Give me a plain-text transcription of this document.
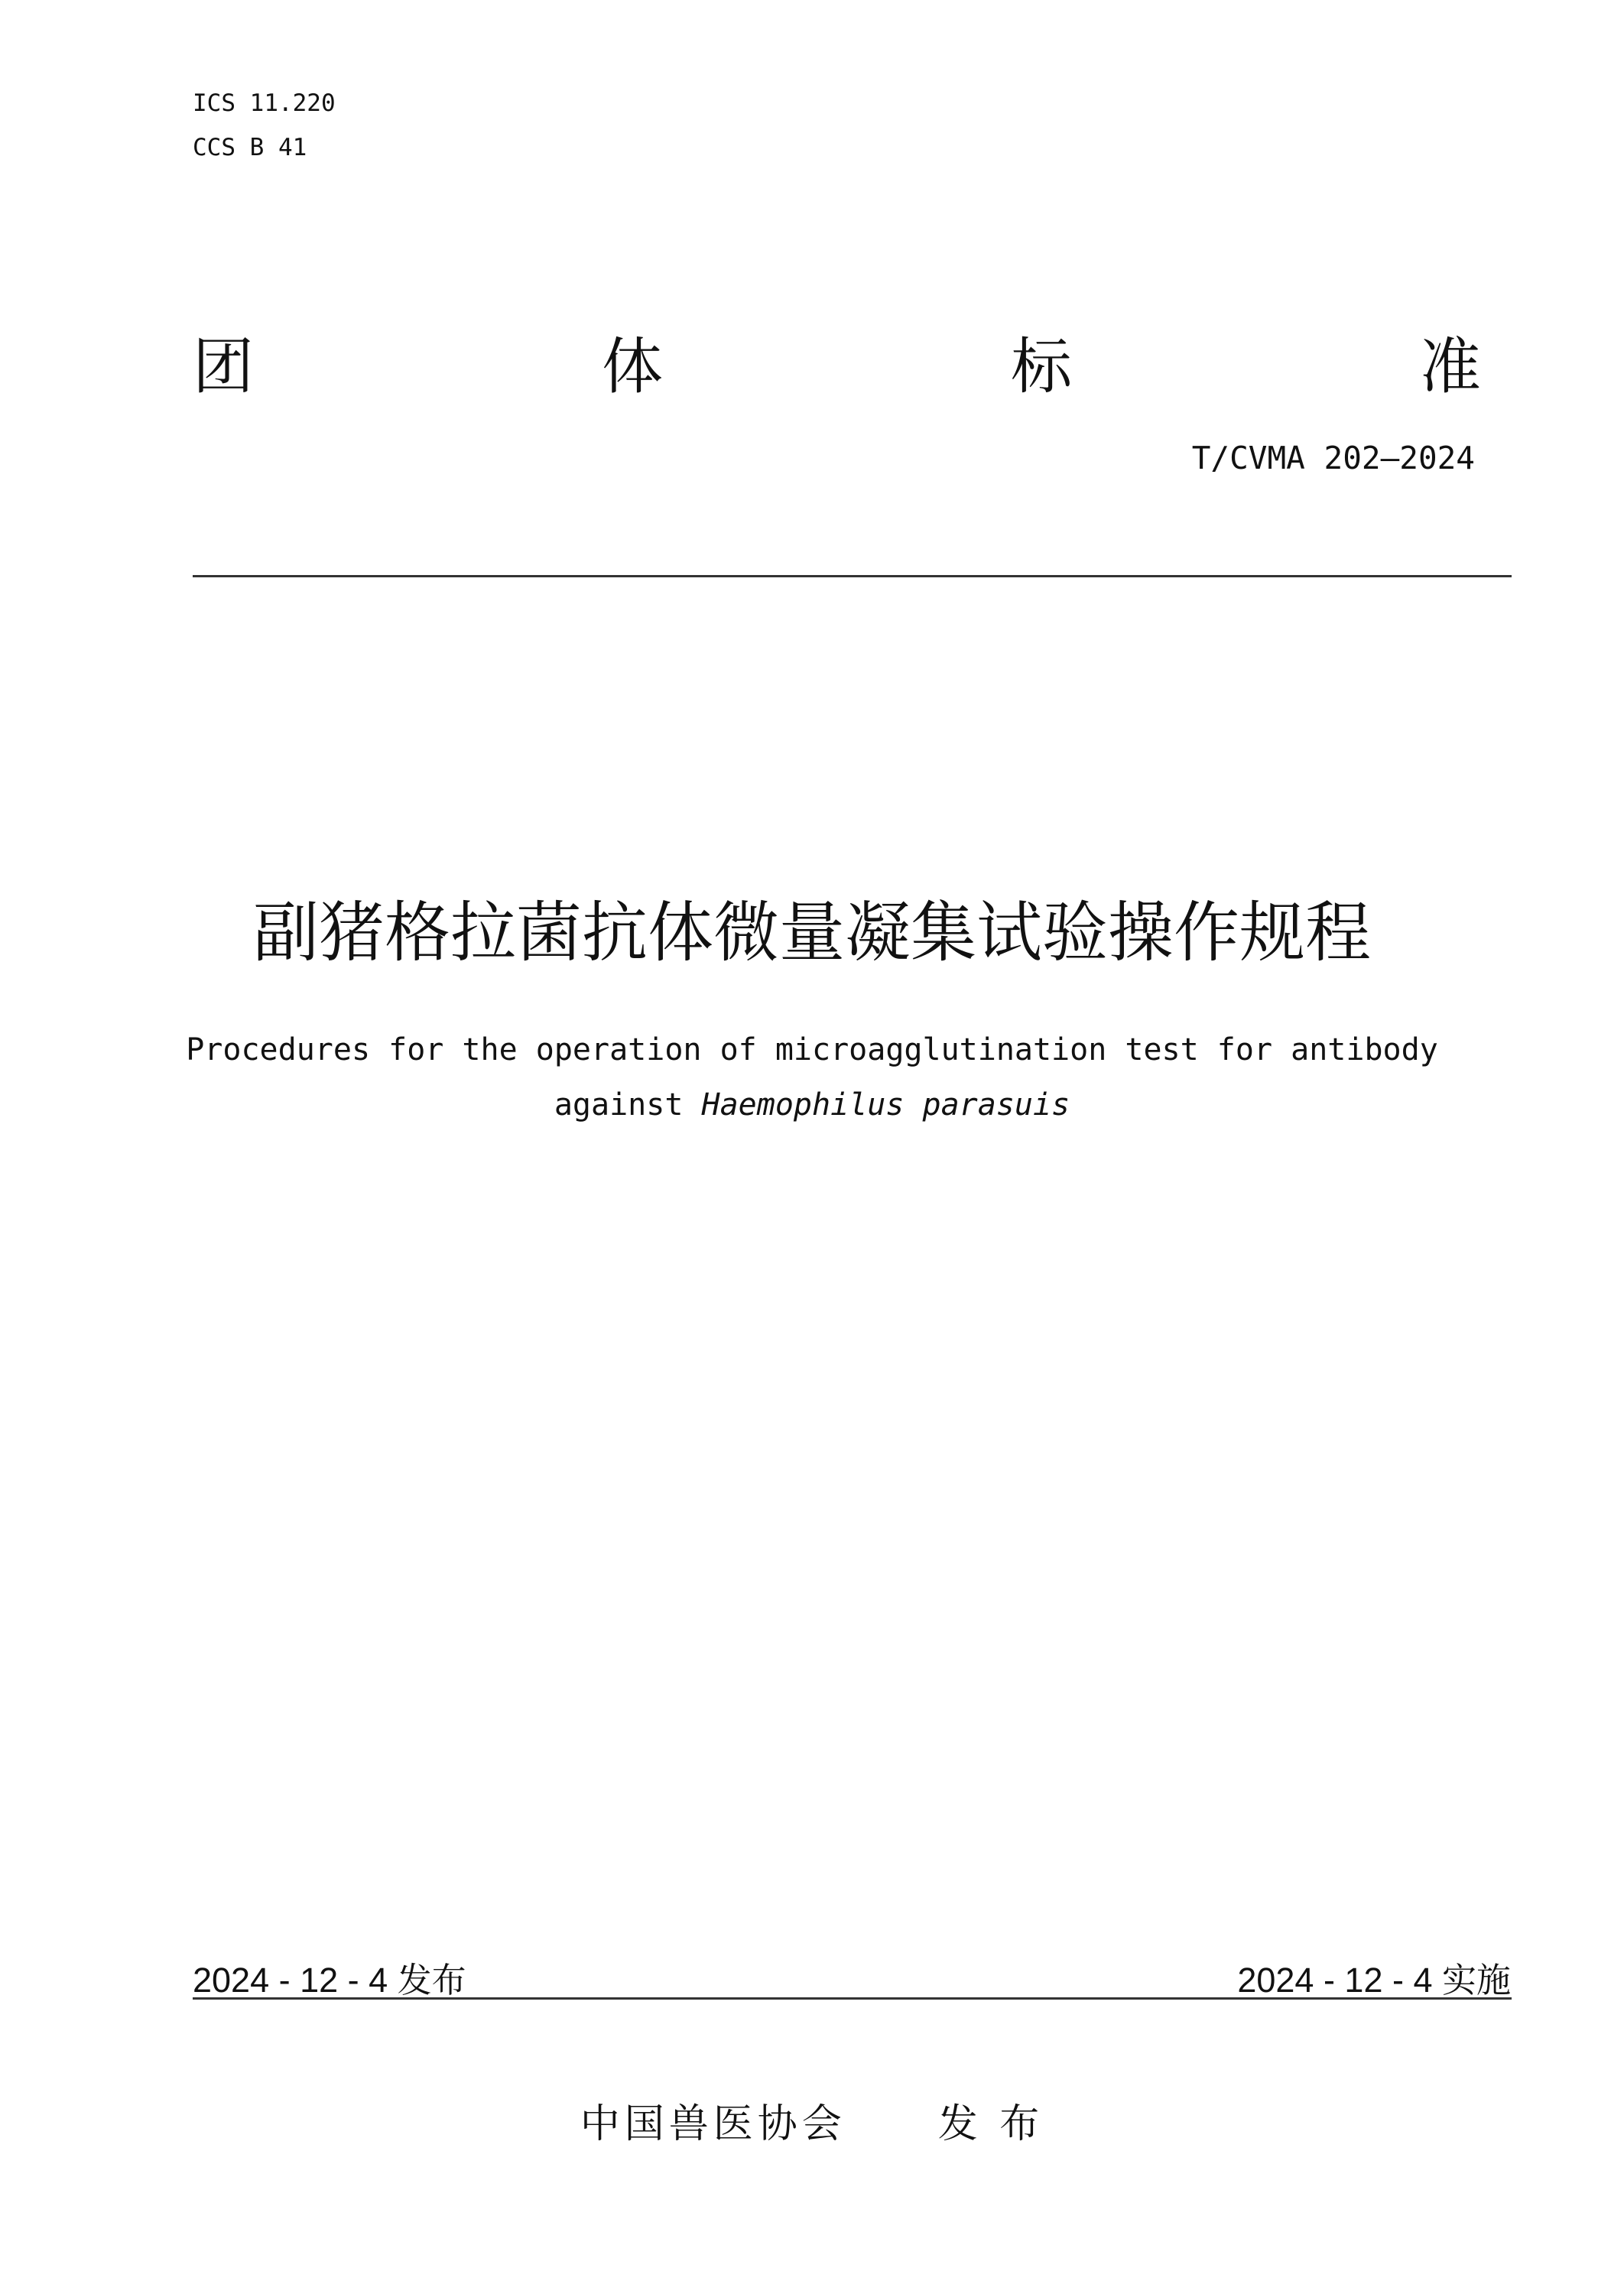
ICS 11.220
CCS B 41
团	体	标	准
T/CVMA 202—2024
副猪格拉菌抗体微量凝集试验操作规程
Procedures for the operation of microagglutination test for antibody
against Haemophilus parasuis
2024 - 12 - 4 发布	2024 - 12 - 4 实施
中国兽医协会 发 布
